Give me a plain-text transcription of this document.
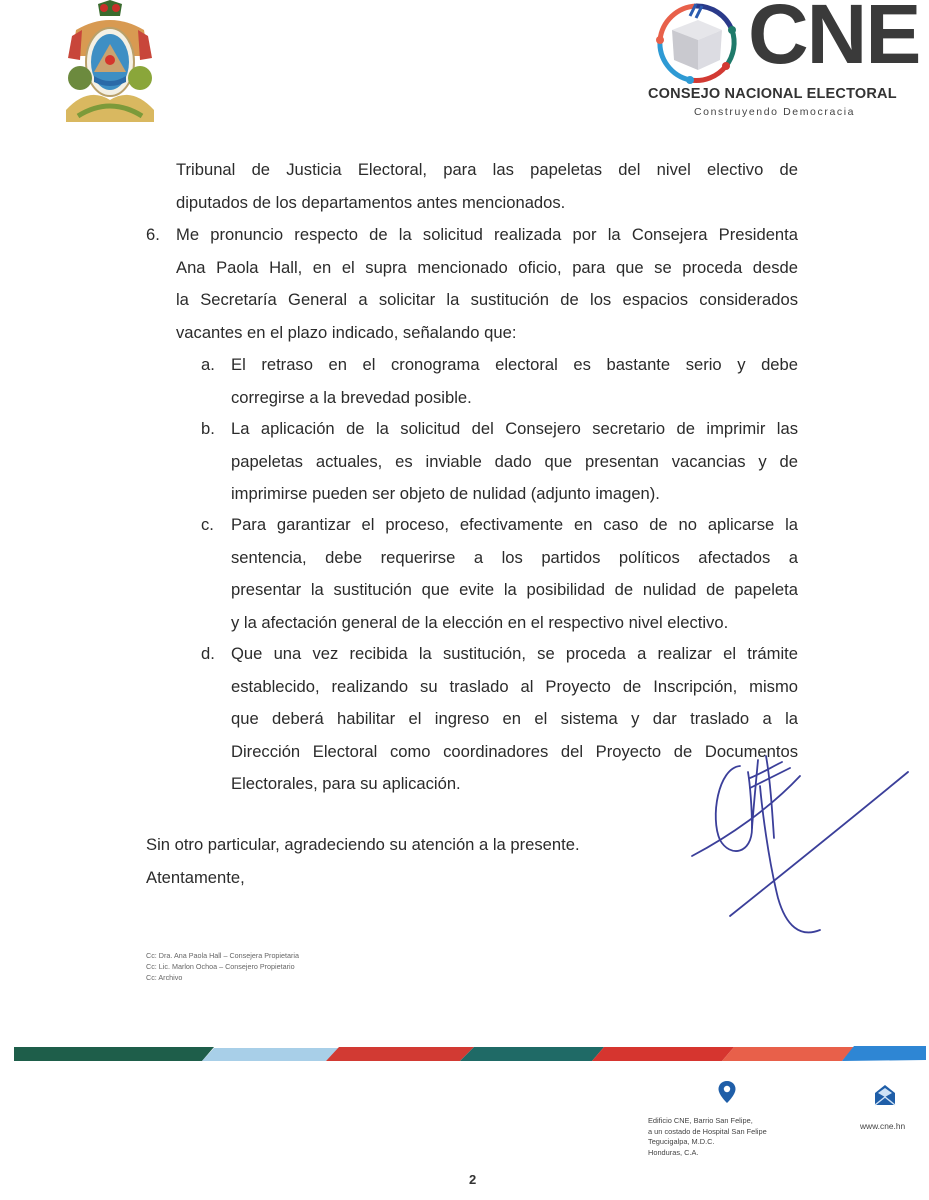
CNE
CONSEJO NACIONAL ELECTORAL
Construyendo Democracia
Tribunal de Justicia Electoral, para las papeletas del nivel electivo de
diputados de los departamentos antes mencionados.
6. Me pronuncio respecto de la solicitud realizada por la Consejera Presidenta
Ana Paola Hall, en el supra mencionado oficio, para que se proceda desde
la Secretaría General a solicitar la sustitución de los espacios considerados
vacantes en el plazo indicado, señalando que:
a. El retraso en el cronograma electoral es bastante serio y debe
corregirse a la brevedad posible.
b. La aplicación de la solicitud del Consejero secretario de imprimir las
papeletas actuales, es inviable dado que presentan vacancias y de
imprimirse pueden ser objeto de nulidad (adjunto imagen).
c. Para garantizar el proceso, efectivamente en caso de no aplicarse la
sentencia, debe requerirse a los partidos políticos afectados a
presentar la sustitución que evite la posibilidad de nulidad de papeleta
y la afectación general de la elección en el respectivo nivel electivo.
d. Que una vez recibida la sustitución, se proceda a realizar el trámite
establecido, realizando su traslado al Proyecto de Inscripción, mismo
que deberá habilitar el ingreso en el sistema y dar traslado a la
Dirección Electoral como coordinadores del Proyecto de Documentos
Electorales, para su aplicación.
Sin otro particular, agradeciendo su atención a la presente.
Atentamente,
Cc: Dra. Ana Paola Hall – Consejera Propietaria
Cc: Lic. Marlon Ochoa – Consejero Propietario
Cc: Archivo
Edificio CNE, Barrio San Felipe,
a un costado de Hospital San Felipe
Tegucigalpa, M.D.C.
Honduras, C.A.
www.cne.hn
2
